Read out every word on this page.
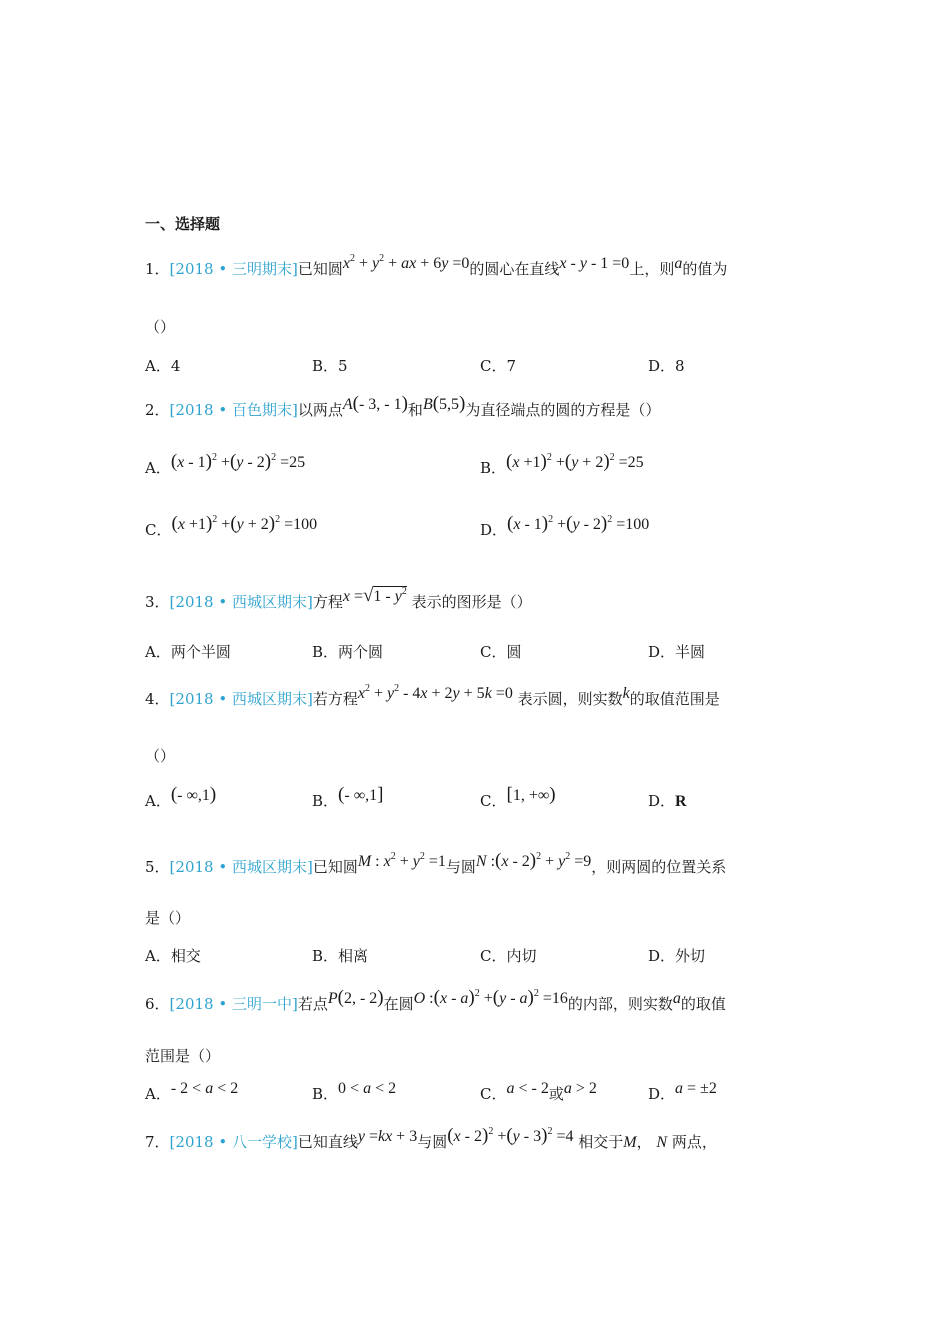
一、选择题
1．[2018 • 三明期末]已知圆$x^2 + y^2$ + ax + 6y =0的圆心在直线x - y - 1 =0上，则a的值为
（）
A．4	B．5	C．7	D．8
2．[2018 • 百色期末]以两点A(- 3, - 1)和B(5,5)为直径端点的圆的方程是（）
A．(x - 1)$^2$ +(y - 2)$^2$ =25	B．$(x +1)^2 +(y + 2)^2 =25$
C．$(x +1)^2 +(y + 2)^2 =100$	D．(x - 1)$^2$ +(y - 2)$^2$ =100
3．[2018 • 西城区期末]方程$x =√1 - y^2$ 表示的图形是（）
A．两个半圆	B．两个圆	C．圆	D．半圆
4．[2018 • 西城区期末]若方程$x^2 + y^2 - 4x + 2y + 5k =0$ 表示圆，则实数k的取值范围是
（）
A．(- ∞,1)	B．(- ∞,1]	C．[1, +∞)	D．R
5．[2018 • 西城区期末]已知圆M : $x^2 + y^2 =1$与圆N :(x - $2)^2 + y^2 =9$，则两圆的位置关系
是（）
A．相交	B．相离	C．内切	D．外切
6．[2018 • 三明一中]若点P(2, - 2)在圆O :(x - a)$^2$ +(y - a)$^2$ =16的内部，则实数a的取值
范围是（）
A．- 2 < a < 2	B．0 < a < 2	C．a < - 2或a > 2	D．a = ±2
7．[2018 • 八一学校]已知直线y =kx + 3与圆(x - 2)$^2$ +(y - 3)$^2$ =4 相交于M， N 两点，
